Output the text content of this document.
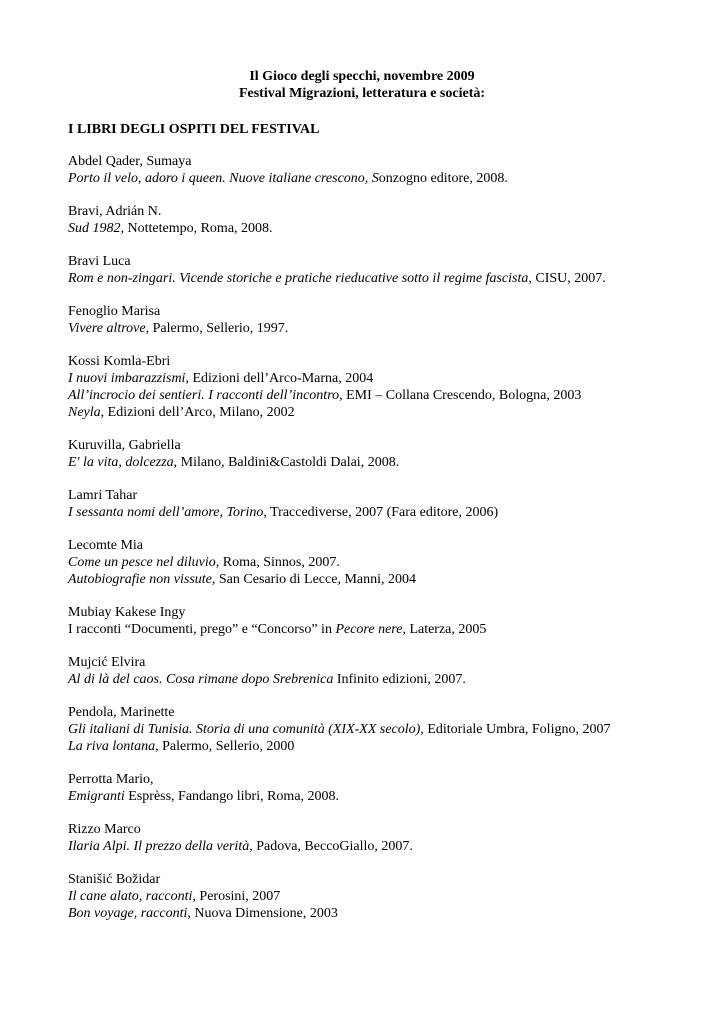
Il Gioco degli specchi, novembre 2009
Festival Migrazioni, letteratura e società:
I LIBRI DEGLI OSPITI DEL FESTIVAL
Abdel Qader, Sumaya
Porto il velo, adoro i queen. Nuove italiane crescono, Sonzogno editore, 2008.
Bravi, Adrián N.
Sud 1982, Nottetempo, Roma, 2008.
Bravi Luca
Rom e non-zingari. Vicende storiche e pratiche rieducative sotto il regime fascista, CISU, 2007.
Fenoglio Marisa
Vivere altrove, Palermo, Sellerio, 1997.
Kossi Komla-Ebri
I nuovi imbarazzismi, Edizioni dell’Arco-Marna, 2004
All’incrocio dei sentieri. I racconti dell’incontro, EMI – Collana Crescendo, Bologna, 2003
Neyla, Edizioni dell’Arco, Milano, 2002
Kuruvilla, Gabriella
E' la vita, dolcezza, Milano, Baldini&Castoldi Dalai, 2008.
Lamri Tahar
I sessanta nomi dell’amore, Torino, Traccediverse, 2007 (Fara editore, 2006)
Lecomte Mia
Come un pesce nel diluvio, Roma, Sinnos, 2007.
Autobiografie non vissute, San Cesario di Lecce, Manni, 2004
Mubiay Kakese Ingy
I racconti “Documenti, prego” e “Concorso” in Pecore nere, Laterza, 2005
Mujcić Elvira
Al di là del caos. Cosa rimane dopo Srebrenica Infinito edizioni, 2007.
Pendola, Marinette
Gli italiani di Tunisia. Storia di una comunità (XIX-XX secolo), Editoriale Umbra, Foligno, 2007
La riva lontana, Palermo, Sellerio, 2000
Perrotta Mario,
Emigranti Esprèss, Fandango libri, Roma, 2008.
Rizzo Marco
Ilaria Alpi. Il prezzo della verità, Padova, BeccoGiallo, 2007.
Stanišić Božidar
Il cane alato, racconti, Perosini, 2007
Bon voyage, racconti, Nuova Dimensione, 2003
